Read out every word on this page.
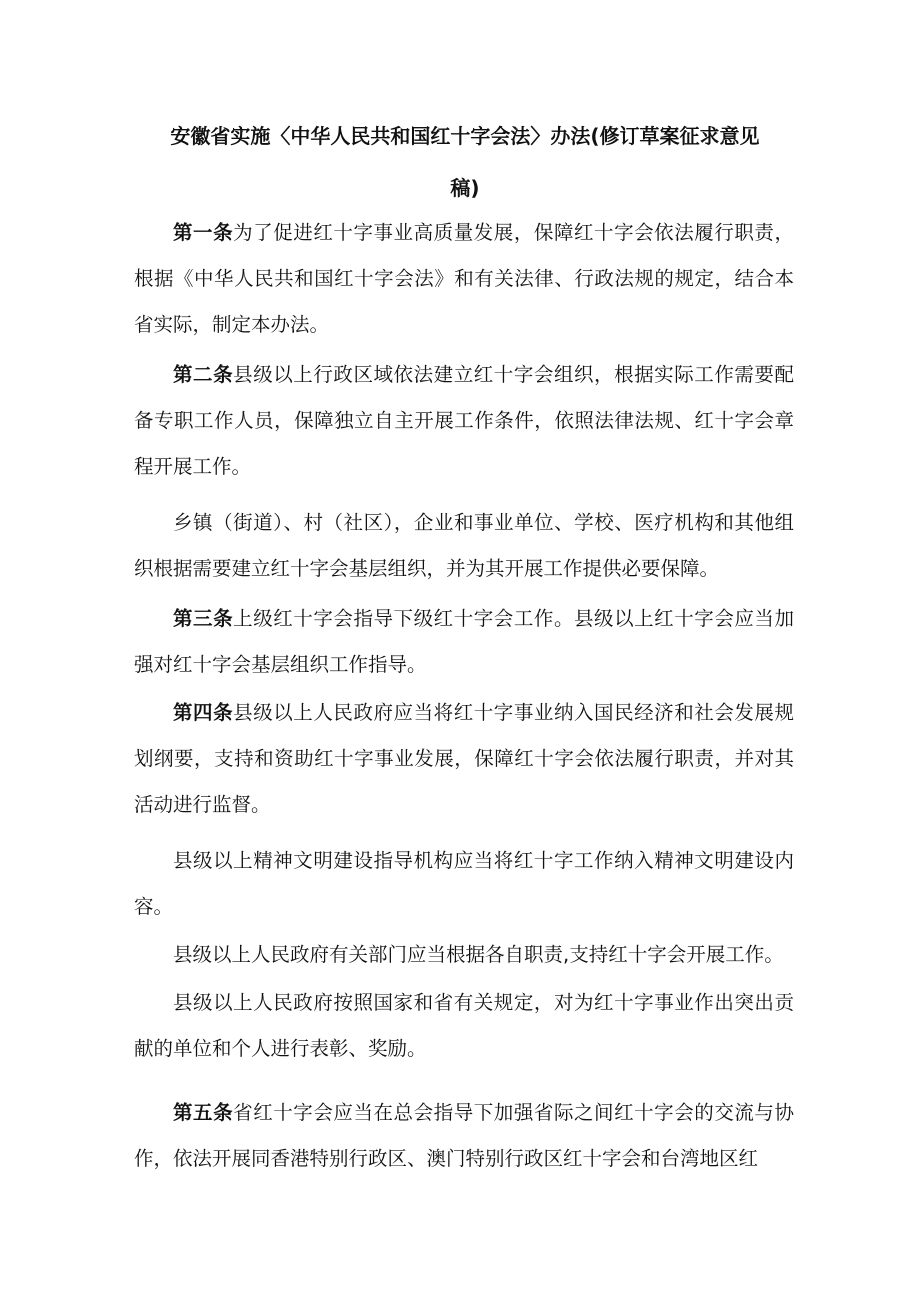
安徽省实施〈中华人民共和国红十字会法〉办法(修订草案征求意见
稿)
第一条为了促进红十字事业高质量发展，保障红十字会依法履行职责，根据《中华人民共和国红十字会法》和有关法律、行政法规的规定，结合本省实际，制定本办法。
第二条县级以上行政区域依法建立红十字会组织，根据实际工作需要配备专职工作人员，保障独立自主开展工作条件，依照法律法规、红十字会章程开展工作。
乡镇（街道）、村（社区），企业和事业单位、学校、医疗机构和其他组织根据需要建立红十字会基层组织，并为其开展工作提供必要保障。
第三条上级红十字会指导下级红十字会工作。县级以上红十字会应当加强对红十字会基层组织工作指导。
第四条县级以上人民政府应当将红十字事业纳入国民经济和社会发展规划纲要，支持和资助红十字事业发展，保障红十字会依法履行职责，并对其活动进行监督。
县级以上精神文明建设指导机构应当将红十字工作纳入精神文明建设内容。
县级以上人民政府有关部门应当根据各自职责,支持红十字会开展工作。
县级以上人民政府按照国家和省有关规定，对为红十字事业作出突出贡献的单位和个人进行表彰、奖励。
第五条省红十字会应当在总会指导下加强省际之间红十字会的交流与协作，依法开展同香港特别行政区、澳门特别行政区红十字会和台湾地区红
